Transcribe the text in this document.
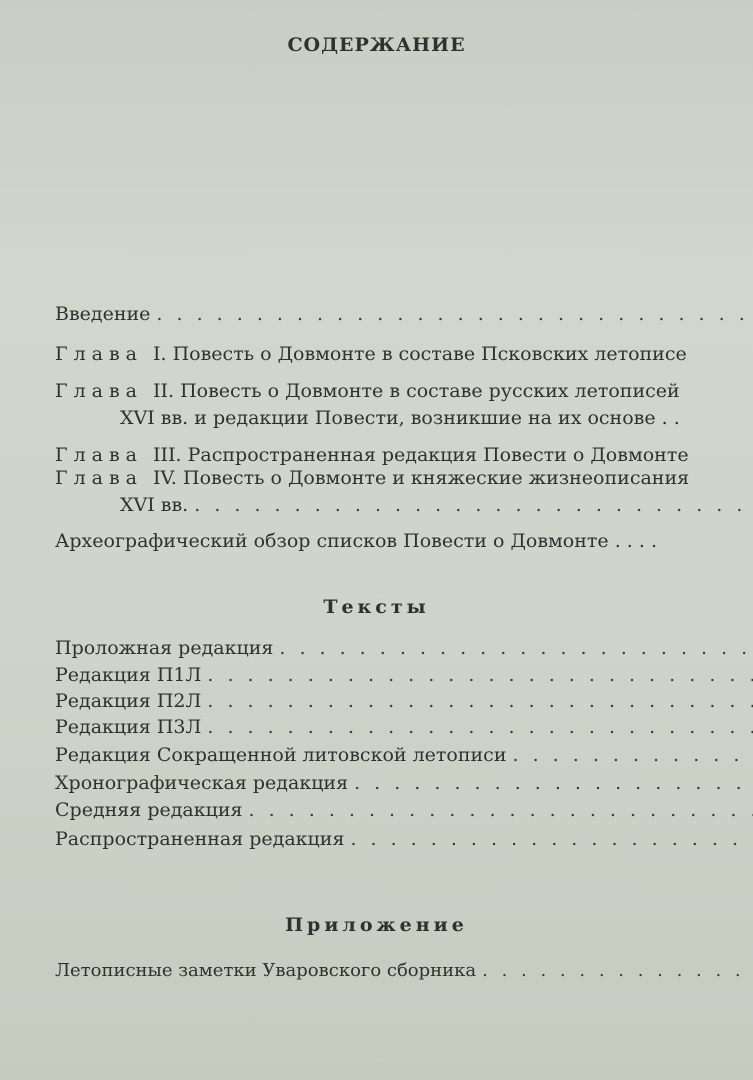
СОДЕРЖАНИЕ
Введение
. . .
Глава I. Повесть о Довмонте в составе Псковских летописе
Глава II. Повесть о Довмонте в составе русских летописей
XVI вв. и редакции Повести, возникшие на их основе . .
Глава III. Распространенная редакция Повести о Довмонте
Глава IV. Повесть о Довмонте и княжеские жизнеописания
XVI вв.
. . .
Археографический обзор списков Повести о Довмонте . . . .
Тексты
Проложная редакция
. . .
Редакция П1Л
. . .
Редакция П2Л
. . .
Редакция П3Л
. . .
Редакция Сокращенной литовской летописи
. . .
Хронографическая редакция
. . .
Средняя редакция
. . .
Распространенная редакция
. . .
Приложение
Летописные заметки Уваровского сборника
. . .
